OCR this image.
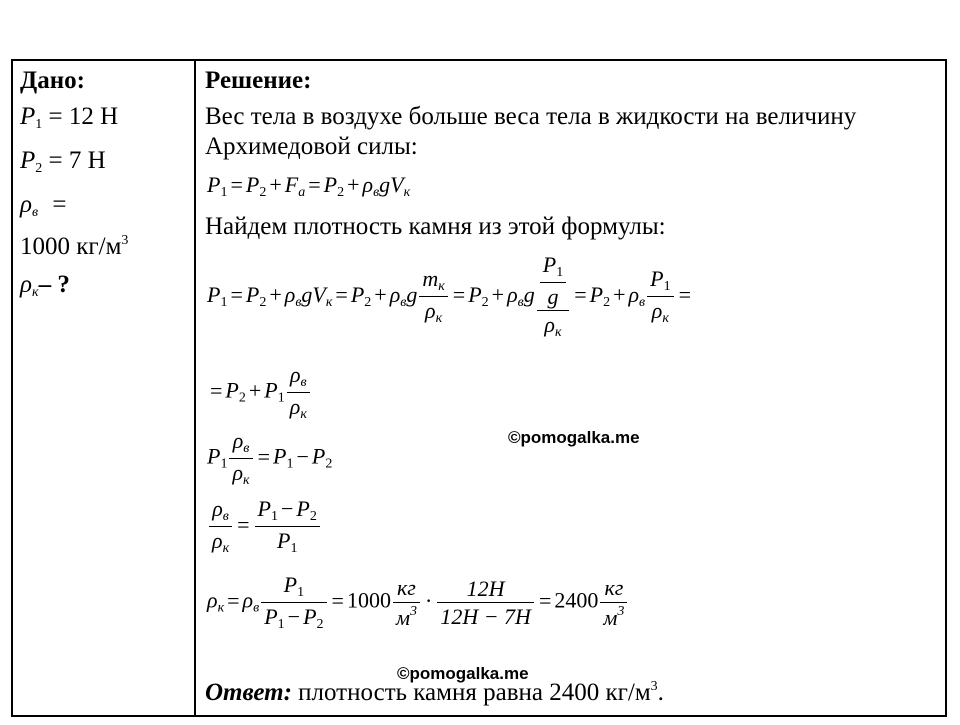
Дано:
$P_1 = 12$ Н
$P_2 = 7$ Н
$\rho_в$ =
1000 $кг/м^3$
$\rho_к-$ ?
Решение:
Вес тела в воздухе больше веса тела в жидкости на величину
Архимедовой силы:
$P_1 = P_2 + F_a = P_2 + \rho_вgV_к$
Найдем плотность камня из этой формулы:
$P_1 = P_2 + \rho_вgV_к = P_2 + \rho_вg \frac{m_к}{\rho_к} = P_2 + \rho_вg \frac{\frac{P_1}{g}}{\rho_к} = P_2 + \rho_в \frac{P_1}{\rho_к}$ =
= $P_2 + P_1 \frac{\rho_в}{\rho_к}$
$P_1 \frac{\rho_в}{\rho_к} = P_1 - P_2$
$\frac{\rho_в}{\rho_к} = \frac{P_1 - P_2}{P_1}$
$\rho_к = \rho_в \frac{P_1}{P_1 - P_2} = 1000 \frac{кг}{м^3} \cdot \frac{12H}{12H - 7H} = 2400 \frac{кг}{м^3}$
Ответ: плотность камня равна 2400 $кг/м^3$.
©pomogalka.me
©pomogalka.me
